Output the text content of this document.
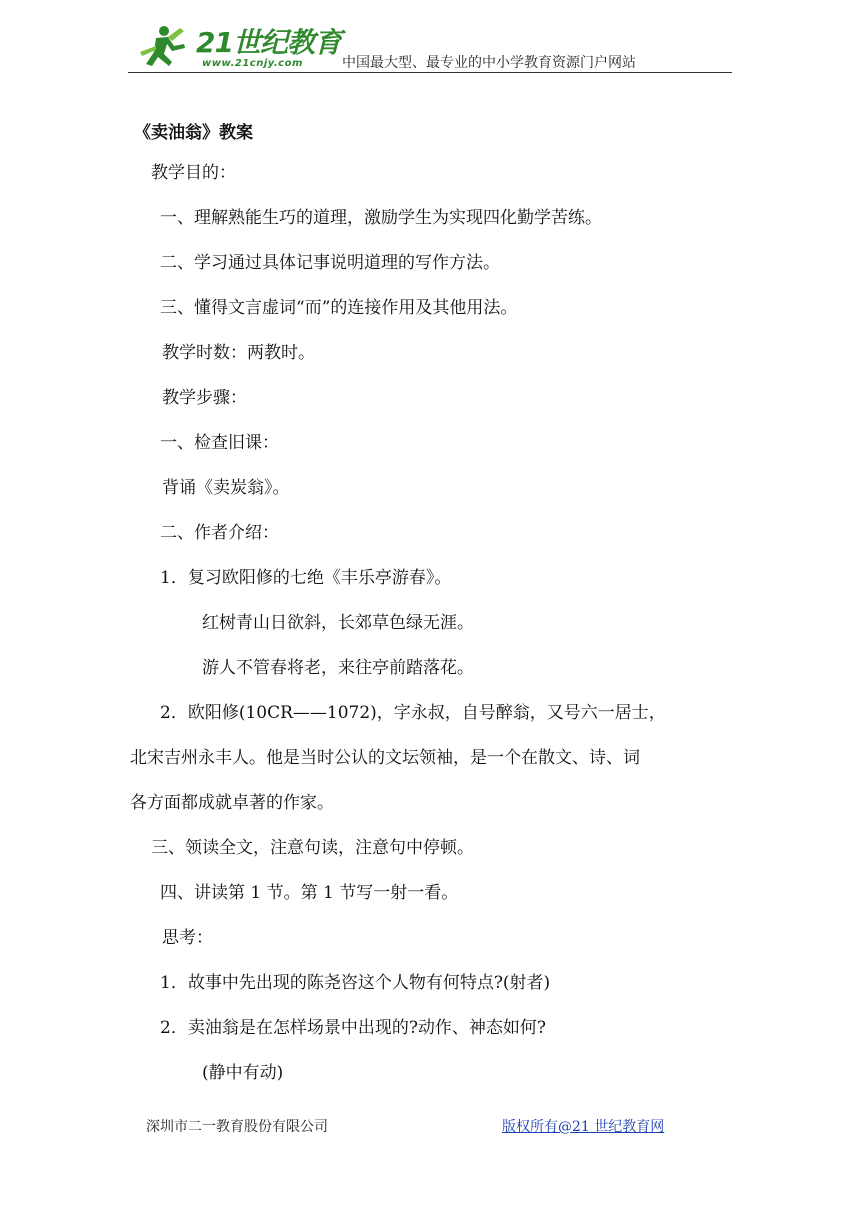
21世纪教育
www.21cnjy.com	中国最大型、最专业的中小学教育资源门户网站
《卖油翁》教案
教学目的：
一、理解熟能生巧的道理，激励学生为实现四化勤学苦练。
二、学习通过具体记事说明道理的写作方法。
三、懂得文言虚词“而”的连接作用及其他用法。
教学时数：两教时。
教学步骤：
一、检查旧课：
背诵《卖炭翁》。
二、作者介绍：
1．复习欧阳修的七绝《丰乐亭游春》。
红树青山日欲斜，长郊草色绿无涯。
游人不管春将老，来往亭前踏落花。
2．欧阳修(10CR——1072)，字永叔，自号醉翁，又号六一居士，
北宋吉州永丰人。他是当时公认的文坛领袖，是一个在散文、诗、词
各方面都成就卓著的作家。
三、领读全文，注意句读，注意句中停顿。
四、讲读第 1 节。第 1 节写一射一看。
思考：
1．故事中先出现的陈尧咨这个人物有何特点?(射者)
2．卖油翁是在怎样场景中出现的?动作、神态如何?
(静中有动)
深圳市二一教育股份有限公司	版权所有@21 世纪教育网
